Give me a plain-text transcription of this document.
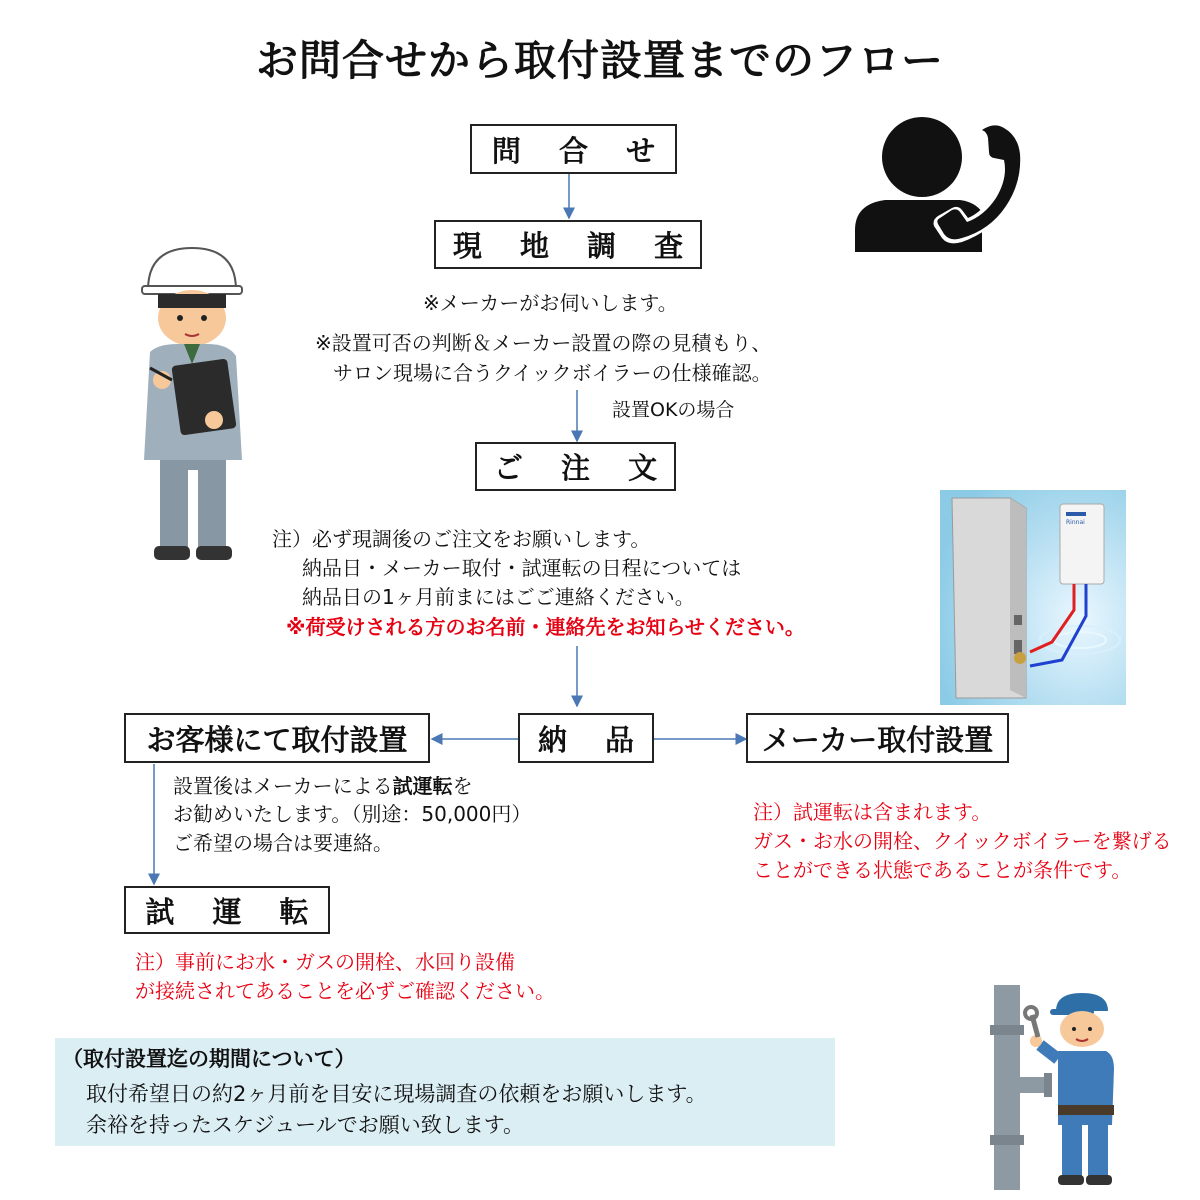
お問合せから取付設置までのフロー
問 合 せ
現 地 調 査
ご 注 文
納 品
お客様にて取付設置	メーカー取付設置
試 運 転
※メーカーがお伺いします。
※設置可否の判断＆メーカー設置の際の見積もり、
サロン現場に合うクイックボイラーの仕様確認。
設置OKの場合
注）必ず現調後のご注文をお願いします。
納品日・メーカー取付・試運転の日程については
納品日の1ヶ月前まにはごご連絡ください。
※荷受けされる方のお名前・連絡先をお知らせください。
設置後はメーカーによる試運転を
お勧めいたします。（別途：50,000円）
ご希望の場合は要連絡。
注）試運転は含まれます。
ガス・お水の開栓、クイックボイラーを繋げる
ことができる状態であることが条件です。
注）事前にお水・ガスの開栓、水回り設備
が接続されてあることを必ずご確認ください。
（取付設置迄の期間について）
取付希望日の約2ヶ月前を目安に現場調査の依頼をお願いします。
余裕を持ったスケジュールでお願い致します。
Rinnai
